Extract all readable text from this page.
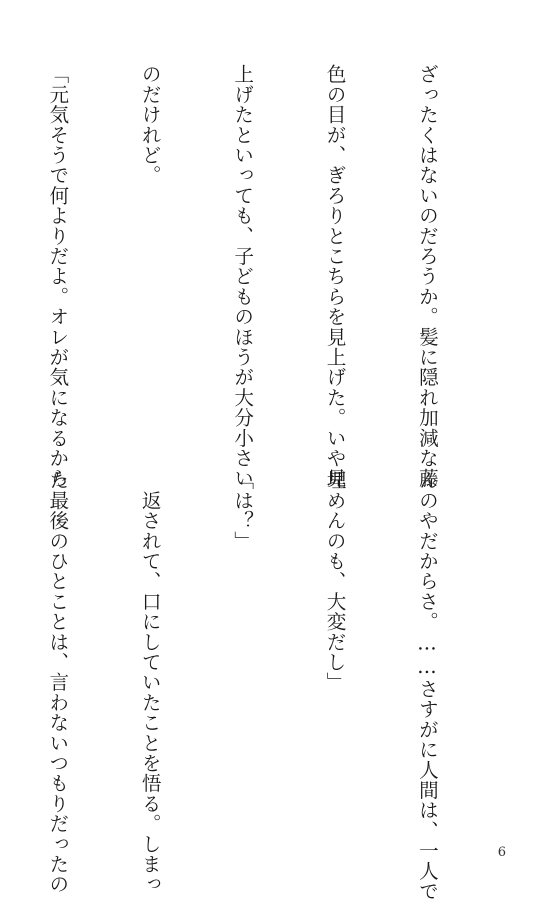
ざったくはないのだろうか。髪に隠れ加減な藤

色の目が、ぎろりとこちらを見上げた。いや見

上げたといっても、子どものほうが大分小さい

のだけれど。

「元気そうで何よりだよ。オレが気になるから

んのやだからさ。……さすがに人間は、一人で

埋めんのも、大変だし」

「は？」

　返されて、口にしていたことを悟る。しまっ

た最後のひとことは、言わないつもりだったの

	6
